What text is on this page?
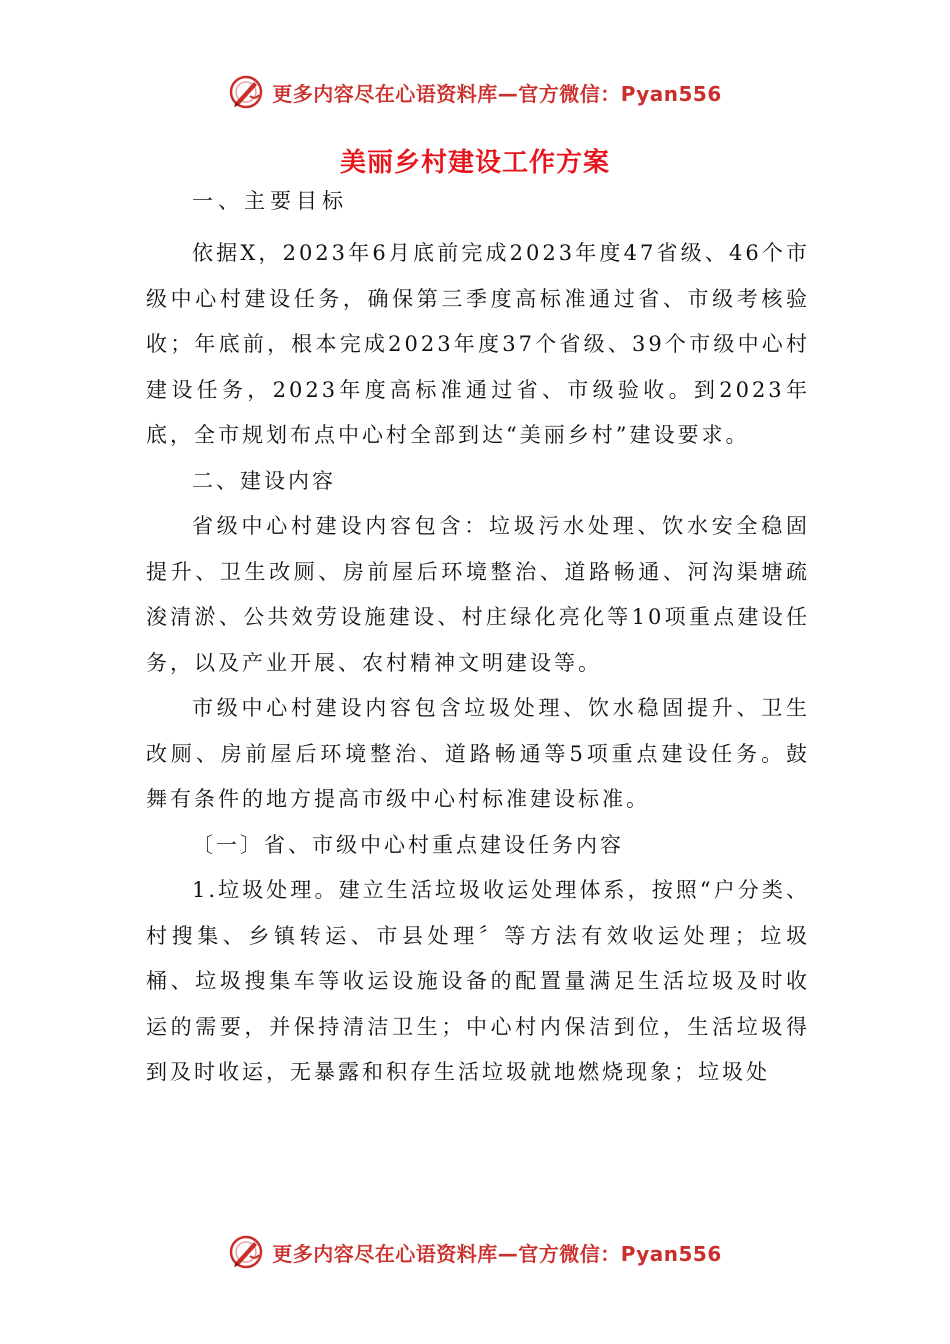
更多内容尽在心语资料库—官方微信：Pyan556
美丽乡村建设工作方案

一、主要目标

依据X，2023年6月底前完成2023年度47省级、46个市级中心村建设任务，确保第三季度高标准通过省、市级考核验收；年底前，根本完成2023年度37个省级、39个市级中心村建设任务，2023年度高标准通过省、市级验收。到2023年底，全市规划布点中心村全部到达“美丽乡村”建设要求。

二、建设内容

省级中心村建设内容包含：垃圾污水处理、饮水安全稳固提升、卫生改厕、房前屋后环境整治、道路畅通、河沟渠塘疏浚清淤、公共效劳设施建设、村庄绿化亮化等10项重点建设任务，以及产业开展、农村精神文明建设等。

市级中心村建设内容包含垃圾处理、饮水稳固提升、卫生改厕、房前屋后环境整治、道路畅通等5项重点建设任务。鼓舞有条件的地方提高市级中心村标准建设标准。

〔一〕省、市级中心村重点建设任务内容

1.垃圾处理。建立生活垃圾收运处理体系，按照“户分类、村搜集、乡镇转运、市县处理〞等方法有效收运处理；垃圾桶、垃圾搜集车等收运设施设备的配置量满足生活垃圾及时收运的需要，并保持清洁卫生；中心村内保洁到位，生活垃圾得到及时收运，无暴露和积存生活垃圾就地燃烧现象；垃圾处

更多内容尽在心语资料库—官方微信：Pyan556
